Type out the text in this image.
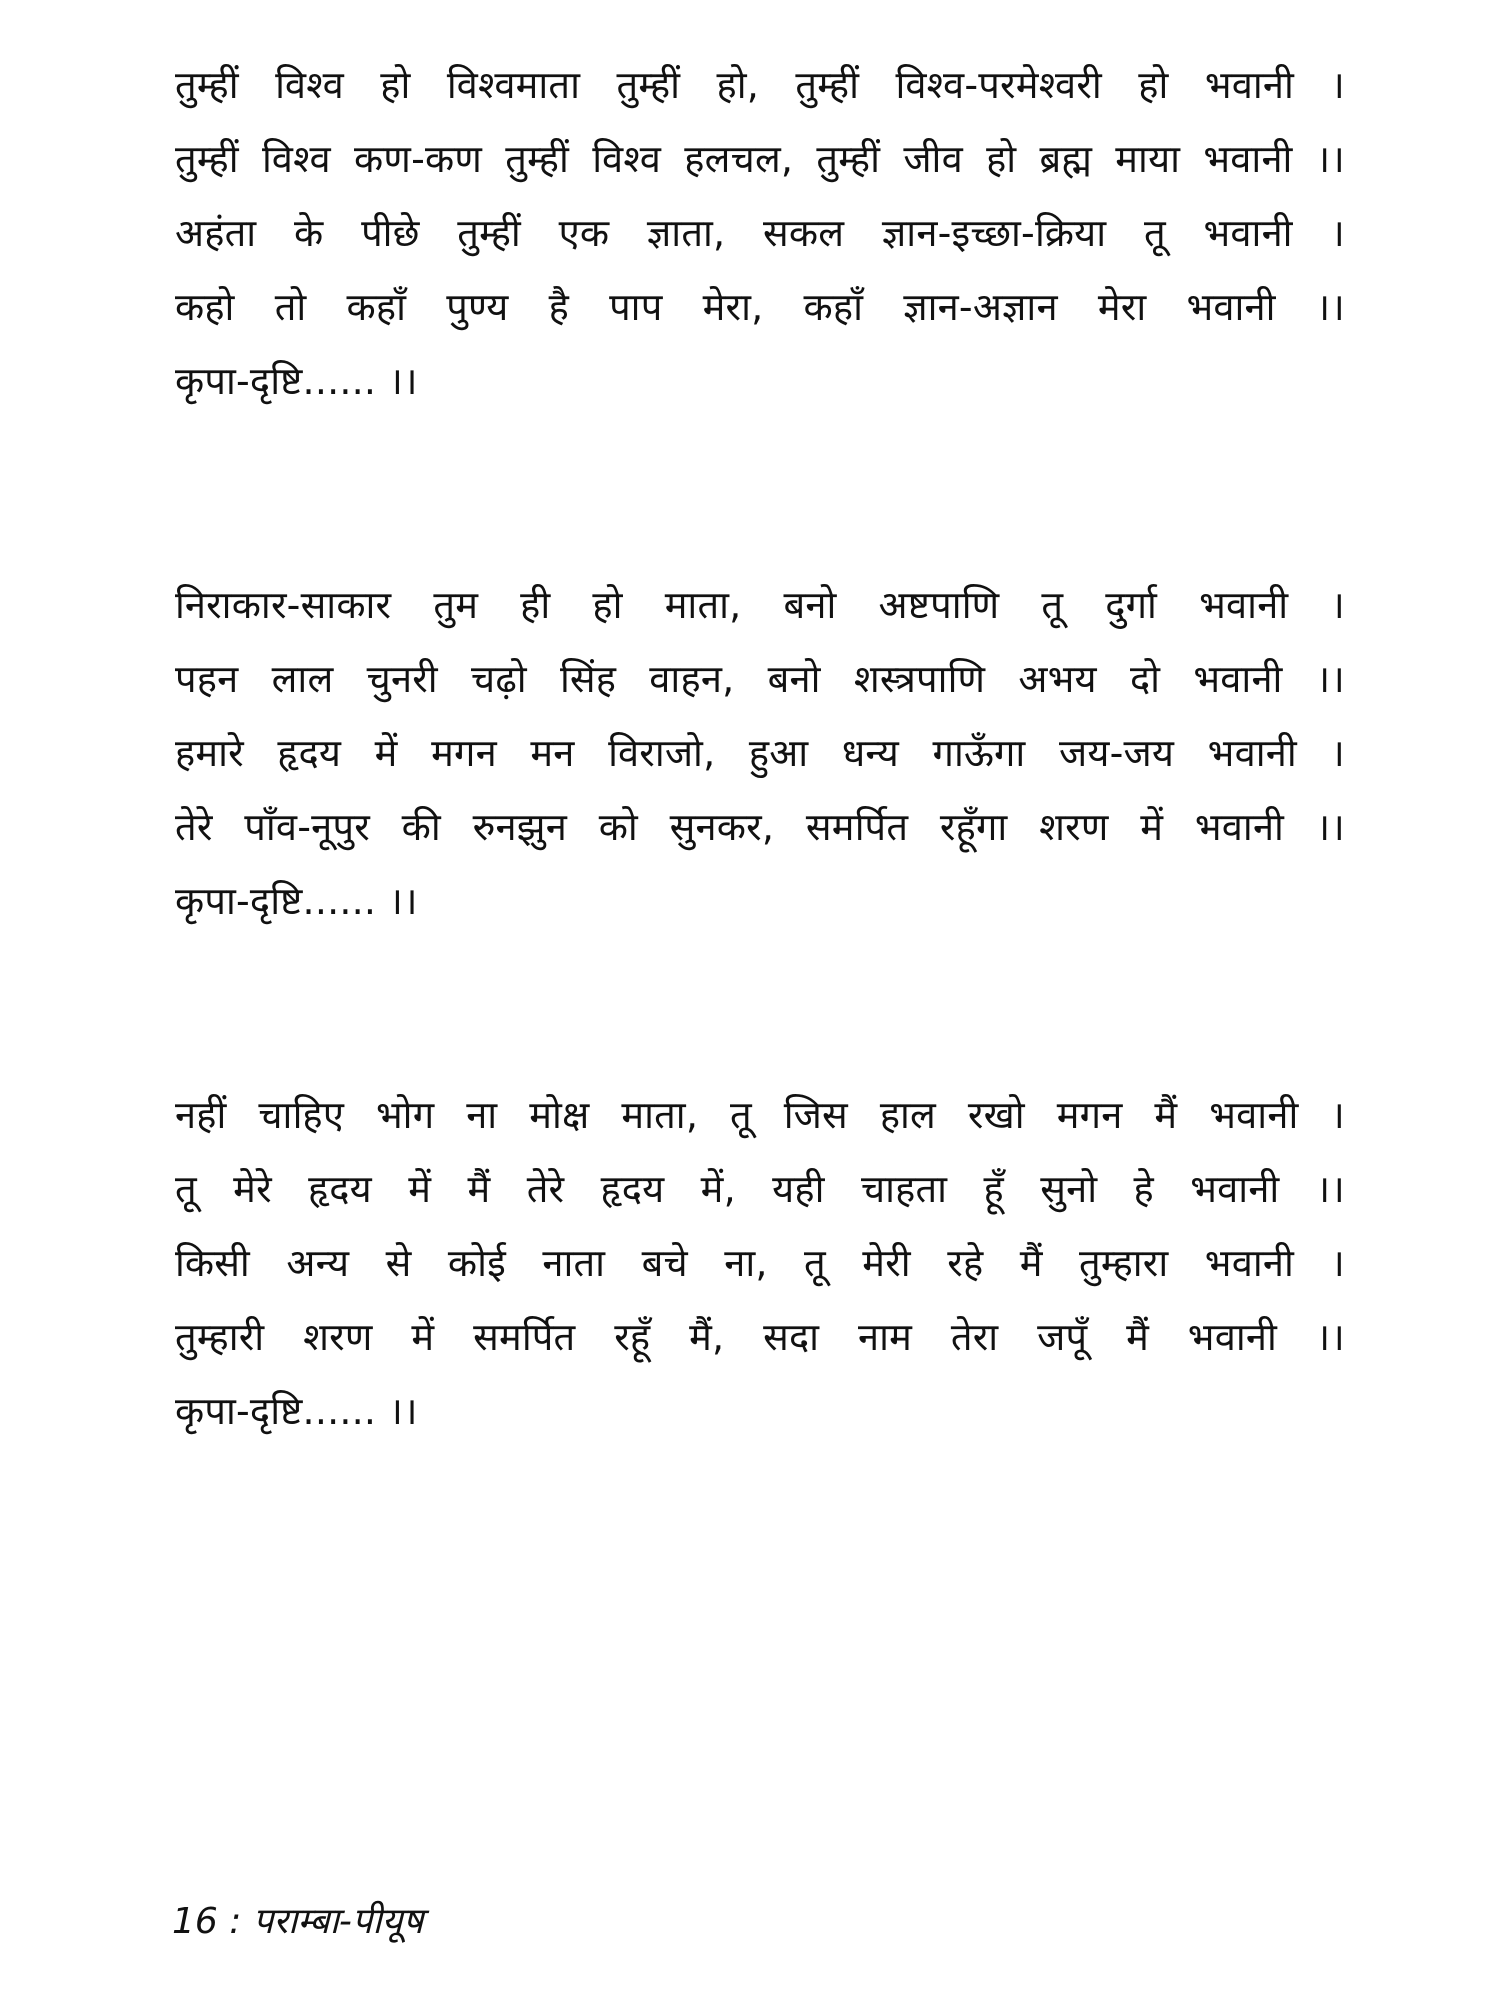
तुम्हीं विश्व हो विश्वमाता तुम्हीं हो, तुम्हीं विश्व-परमेश्वरी हो भवानी ।
तुम्हीं विश्व कण-कण तुम्हीं विश्व हलचल, तुम्हीं जीव हो ब्रह्म माया भवानी ।।
अहंता के पीछे तुम्हीं एक ज्ञाता, सकल ज्ञान-इच्छा-क्रिया तू भवानी ।
कहो तो कहाँ पुण्य है पाप मेरा, कहाँ ज्ञान-अज्ञान मेरा भवानी ।।
कृपा-दृष्टि...... ।।
निराकार-साकार तुम ही हो माता, बनो अष्टपाणि तू दुर्गा भवानी ।
पहन लाल चुनरी चढ़ो सिंह वाहन, बनो शस्त्रपाणि अभय दो भवानी ।।
हमारे हृदय में मगन मन विराजो, हुआ धन्य गाऊँगा जय-जय भवानी ।
तेरे पाँव-नूपुर की रुनझुन को सुनकर, समर्पित रहूँगा शरण में भवानी ।।
कृपा-दृष्टि...... ।।
नहीं चाहिए भोग ना मोक्ष माता, तू जिस हाल रखो मगन मैं भवानी ।
तू मेरे हृदय में मैं तेरे हृदय में, यही चाहता हूँ सुनो हे भवानी ।।
किसी अन्य से कोई नाता बचे ना, तू मेरी रहे मैं तुम्हारा भवानी ।
तुम्हारी शरण में समर्पित रहूँ मैं, सदा नाम तेरा जपूँ मैं भवानी ।।
कृपा-दृष्टि...... ।।
16 : पराम्बा-पीयूष
